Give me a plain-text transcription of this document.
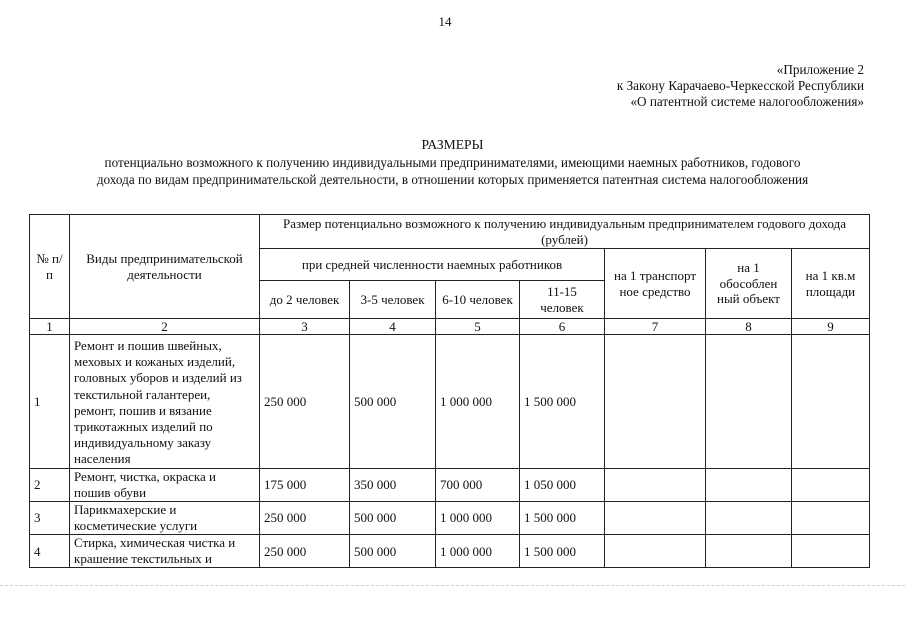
14
«Приложение 2
к Закону Карачаево-Черкесской Республики
«О патентной системе налогообложения»
РАЗМЕРЫ
потенциально возможного к получению индивидуальными предпринимателями, имеющими наемных работников, годового
дохода по видам предпринимательской деятельности, в отношении которых применяется патентная система налогообложения
№ п/п	Виды предпринимательской деятельности	Размер потенциально возможного к получению индивидуальным предпринимателем годового дохода (рублей)						
		при средней численности наемных работников				на 1 транспорт ное средство	на 1 обособлен ный объект	на 1 кв.м площади
		до 2 человек	3-5 человек	6-10 человек	11-15 человек			
1	2	3	4	5	6	7	8	9
1	Ремонт и пошив швейных, меховых и кожаных изделий, головных уборов и изделий из текстильной галантереи, ремонт, пошив и вязание трикотажных изделий по индивидуальному заказу населения	250 000	500 000	1 000 000	1 500 000			
2	Ремонт, чистка, окраска и пошив обуви	175 000	350 000	700 000	1 050 000			
3	Парикмахерские и косметические услуги	250 000	500 000	1 000 000	1 500 000			
4	Стирка, химическая чистка и крашение текстильных и	250 000	500 000	1 000 000	1 500 000			
